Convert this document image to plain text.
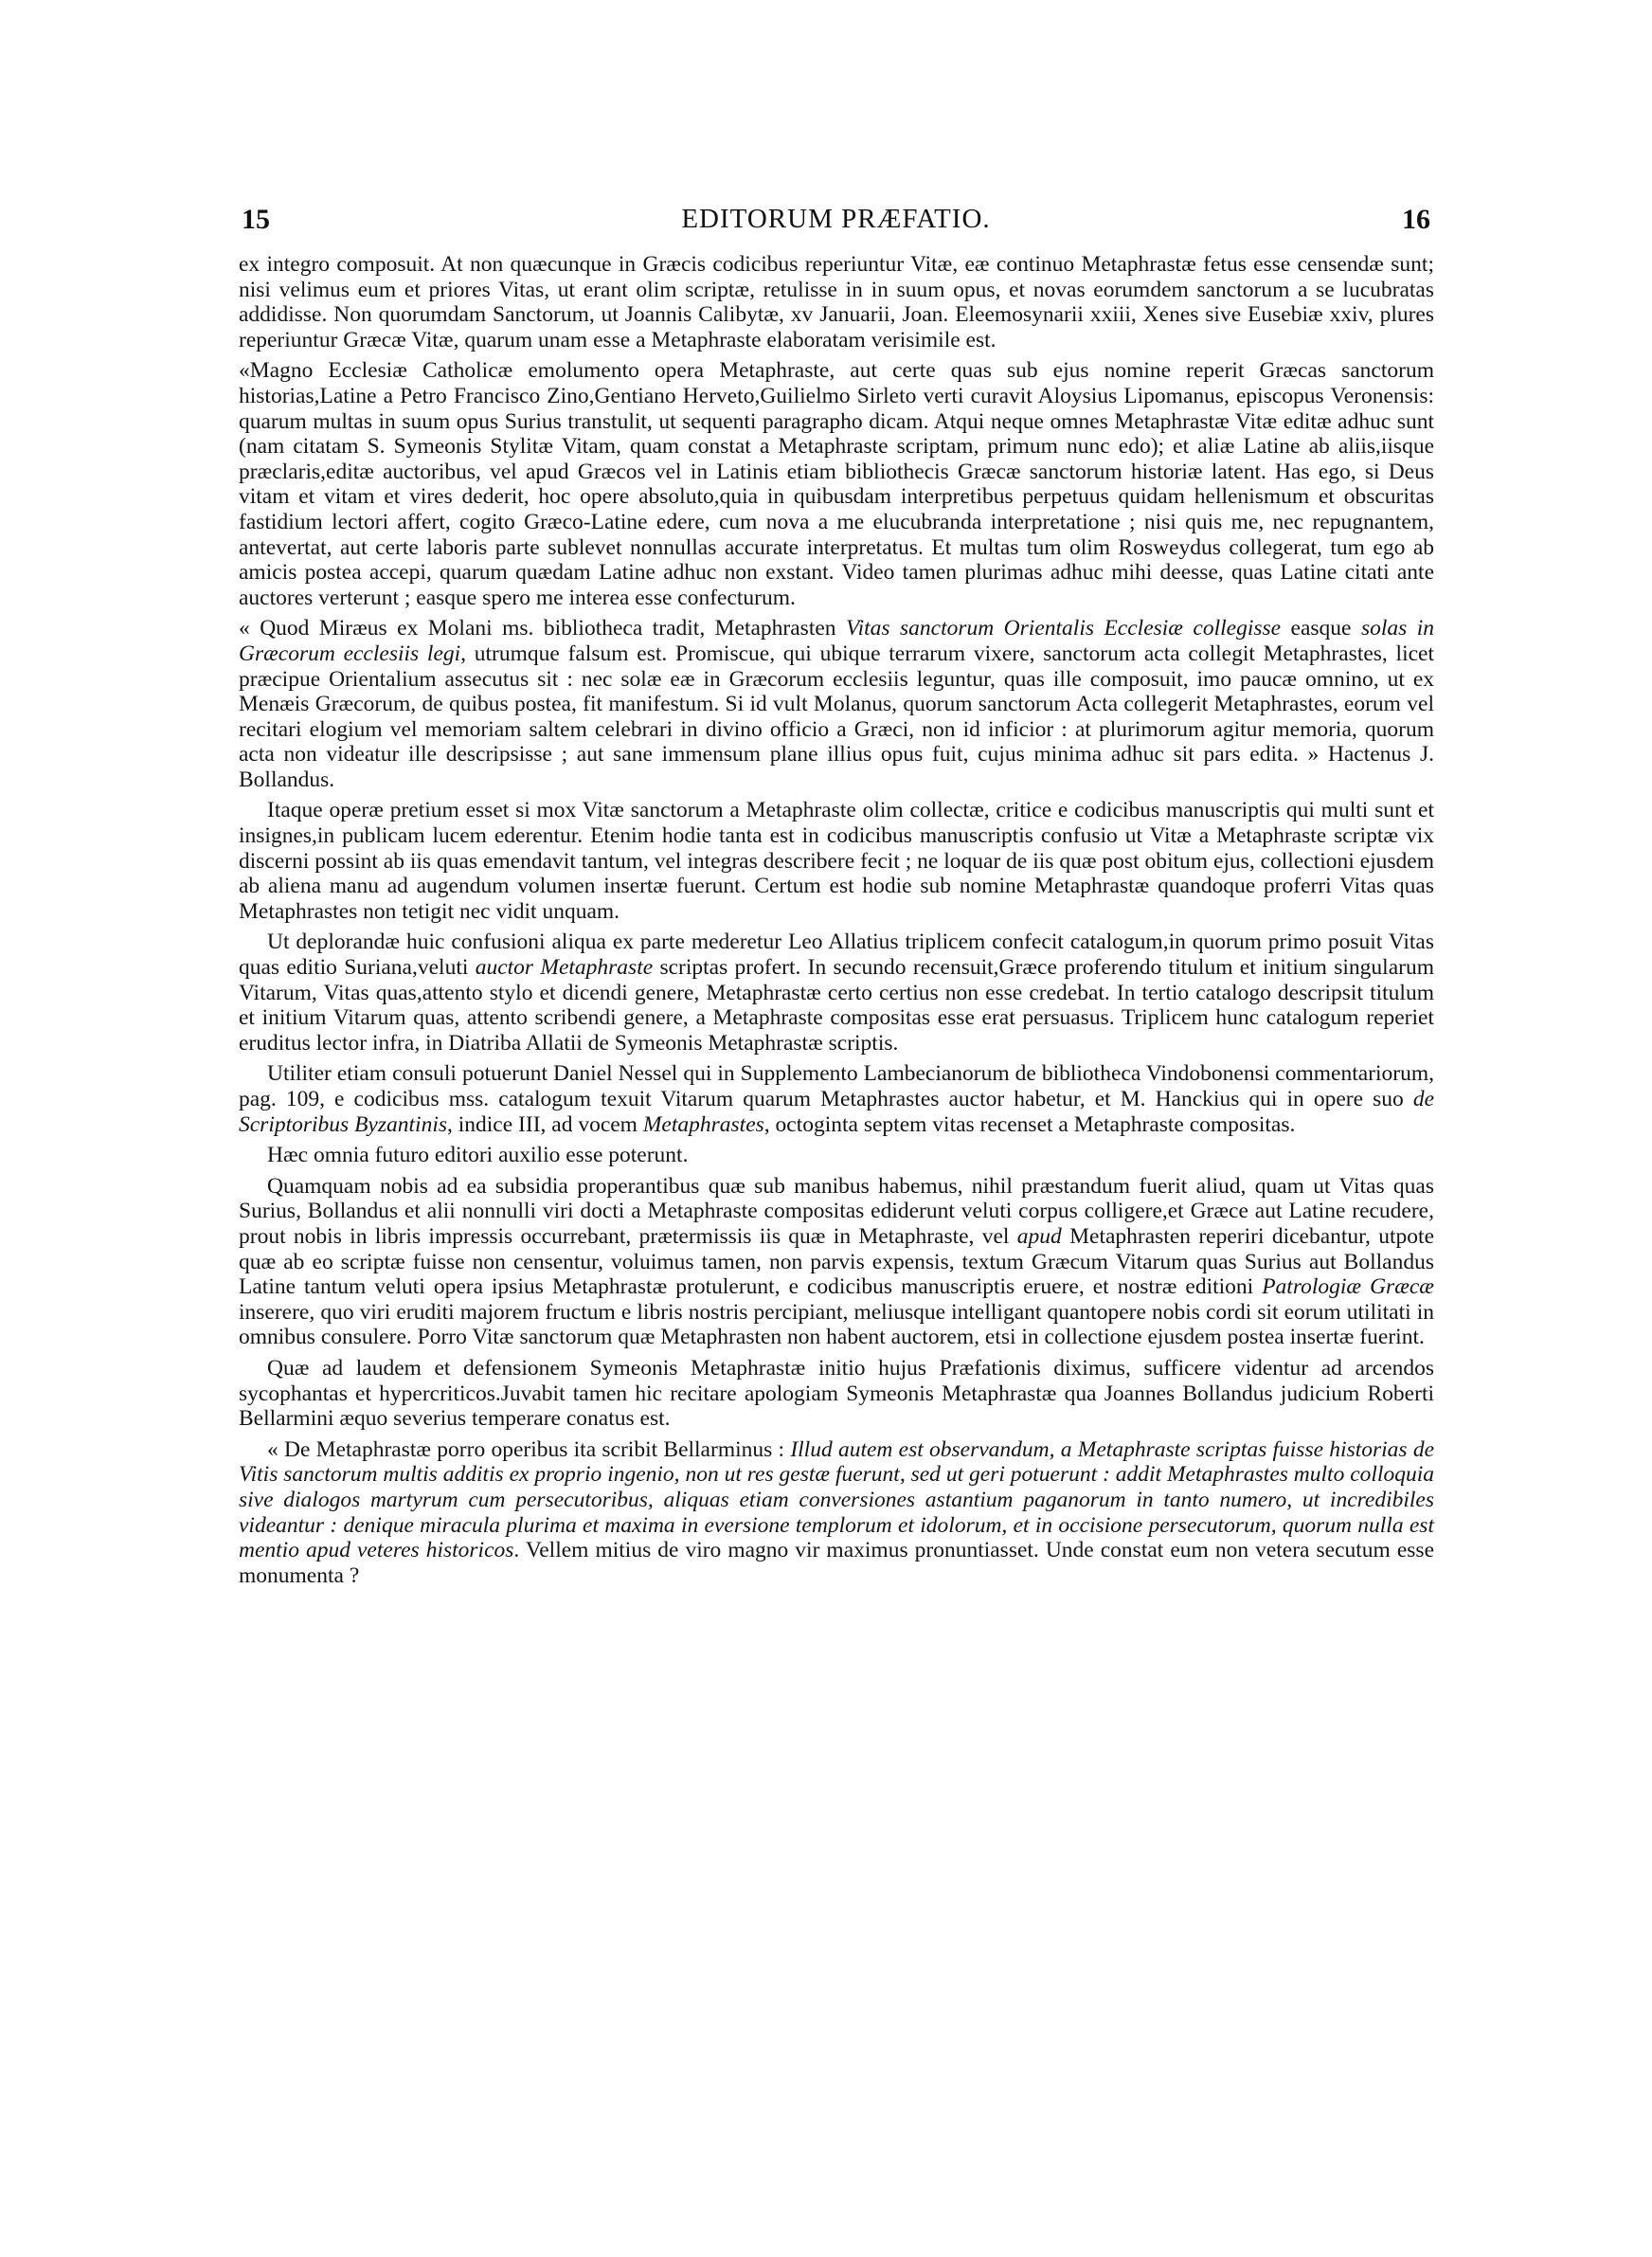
15	EDITORUM PRÆFATIO.	16

ex integro composuit. At non quæcunque in Græcis codicibus reperiuntur Vitæ, eæ continuo Metaphrastæ fetus esse censendæ sunt; nisi velimus eum et priores Vitas, ut erant olim scriptæ, retulisse in in suum opus, et novas eorumdem sanctorum a se lucubratas addidisse. Non quorumdam Sanctorum, ut Joannis Calibytæ, xv Januarii, Joan. Eleemosynarii xxiii, Xenes sive Eusebiæ xxiv, plures reperiuntur Græcæ Vitæ, quarum unam esse a Metaphraste elaboratam verisimile est.

«Magno Ecclesiæ Catholicæ emolumento opera Metaphraste, aut certe quas sub ejus nomine reperit Græcas sanctorum historias,Latine a Petro Francisco Zino,Gentiano Herveto,Guilielmo Sirleto verti curavit Aloysius Lipomanus, episcopus Veronensis: quarum multas in suum opus Surius transtulit, ut sequenti paragrapho dicam. Atqui neque omnes Metaphrastæ Vitæ editæ adhuc sunt (nam citatam S. Symeonis Stylitæ Vitam, quam constat a Metaphraste scriptam, primum nunc edo); et aliæ Latine ab aliis,iisque præclaris,editæ auctoribus, vel apud Græcos vel in Latinis etiam bibliothecis Græcæ sanctorum historiæ latent. Has ego, si Deus vitam et vitam et vires dederit, hoc opere absoluto,quia in quibusdam interpretibus perpetuus quidam hellenismum et obscuritas fastidium lectori affert, cogito Græco-Latine edere, cum nova a me elucubranda interpretatione ; nisi quis me, nec repugnantem, antevertat, aut certe laboris parte sublevet nonnullas accurate interpretatus. Et multas tum olim Rosweydus collegerat, tum ego ab amicis postea accepi, quarum quædam Latine adhuc non exstant. Video tamen plurimas adhuc mihi deesse, quas Latine citati ante auctores verterunt ; easque spero me interea esse confecturum.

« Quod Miræus ex Molani ms. bibliotheca tradit, Metaphrasten Vitas sanctorum Orientalis Ecclesiæ collegisse easque solas in Græcorum ecclesiis legi, utrumque falsum est. Promiscue, qui ubique terrarum vixere, sanctorum acta collegit Metaphrastes, licet præcipue Orientalium assecutus sit : nec solæ eæ in Græcorum ecclesiis leguntur, quas ille composuit, imo paucæ omnino, ut ex Menæis Græcorum, de quibus postea, fit manifestum. Si id vult Molanus, quorum sanctorum Acta collegerit Metaphrastes, eorum vel recitari elogium vel memoriam saltem celebrari in divino officio a Græci, non id inficior : at plurimorum agitur memoria, quorum acta non videatur ille descripsisse ; aut sane immensum plane illius opus fuit, cujus minima adhuc sit pars edita. » Hactenus J. Bollandus.

Itaque operæ pretium esset si mox Vitæ sanctorum a Metaphraste olim collectæ, critice e codicibus manuscriptis qui multi sunt et insignes,in publicam lucem ederentur. Etenim hodie tanta est in codicibus manuscriptis confusio ut Vitæ a Metaphraste scriptæ vix discerni possint ab iis quas emendavit tantum, vel integras describere fecit ; ne loquar de iis quæ post obitum ejus, collectioni ejusdem ab aliena manu ad augendum volumen insertæ fuerunt. Certum est hodie sub nomine Metaphrastæ quandoque proferri Vitas quas Metaphrastes non tetigit nec vidit unquam.

Ut deplorandæ huic confusioni aliqua ex parte mederetur Leo Allatius triplicem confecit catalogum,in quorum primo posuit Vitas quas editio Suriana,veluti auctor Metaphraste scriptas profert. In secundo recensuit,Græce proferendo titulum et initium singularum Vitarum, Vitas quas,attento stylo et dicendi genere, Metaphrastæ certo certius non esse credebat. In tertio catalogo descripsit titulum et initium Vitarum quas, attento scribendi genere, a Metaphraste compositas esse erat persuasus. Triplicem hunc catalogum reperiet eruditus lector infra, in Diatriba Allatii de Symeonis Metaphrastæ scriptis.

Utiliter etiam consuli potuerunt Daniel Nessel qui in Supplemento Lambecianorum de bibliotheca Vindobonensi commentariorum, pag. 109, e codicibus mss. catalogum texuit Vitarum quarum Metaphrastes auctor habetur, et M. Hanckius qui in opere suo de Scriptoribus Byzantinis, indice III, ad vocem Metaphrastes, octoginta septem vitas recenset a Metaphraste compositas.

Hæc omnia futuro editori auxilio esse poterunt.

Quamquam nobis ad ea subsidia properantibus quæ sub manibus habemus, nihil præstandum fuerit aliud, quam ut Vitas quas Surius, Bollandus et alii nonnulli viri docti a Metaphraste compositas ediderunt veluti corpus colligere,et Græce aut Latine recudere, prout nobis in libris impressis occurrebant, prætermissis iis quæ in Metaphraste, vel apud Metaphrasten reperiri dicebantur, utpote quæ ab eo scriptæ fuisse non censentur, voluimus tamen, non parvis expensis, textum Græcum Vitarum quas Surius aut Bollandus Latine tantum veluti opera ipsius Metaphrastæ protulerunt, e codicibus manuscriptis eruere, et nostræ editioni Patrologiæ Græcæ inserere, quo viri eruditi majorem fructum e libris nostris percipiant, meliusque intelligant quantopere nobis cordi sit eorum utilitati in omnibus consulere. Porro Vitæ sanctorum quæ Metaphrasten non habent auctorem, etsi in collectione ejusdem postea insertæ fuerint.

Quæ ad laudem et defensionem Symeonis Metaphrastæ initio hujus Præfationis diximus, sufficere videntur ad arcendos sycophantas et hypercriticos.Juvabit tamen hic recitare apologiam Symeonis Metaphrastæ qua Joannes Bollandus judicium Roberti Bellarmini æquo severius temperare conatus est.

« De Metaphrastæ porro operibus ita scribit Bellarminus : Illud autem est observandum, a Metaphraste scriptas fuisse historias de Vitis sanctorum multis additis ex proprio ingenio, non ut res gestæ fuerunt, sed ut geri potuerunt : addit Metaphrastes multo colloquia sive dialogos martyrum cum persecutoribus, aliquas etiam conversiones astantium paganorum in tanto numero, ut incredibiles videantur : denique miracula plurima et maxima in eversione templorum et idolorum, et in occisione persecutorum, quorum nulla est mentio apud veteres historicos. Vellem mitius de viro magno vir maximus pronuntiasset. Unde constat eum non vetera secutum esse monumenta ?
